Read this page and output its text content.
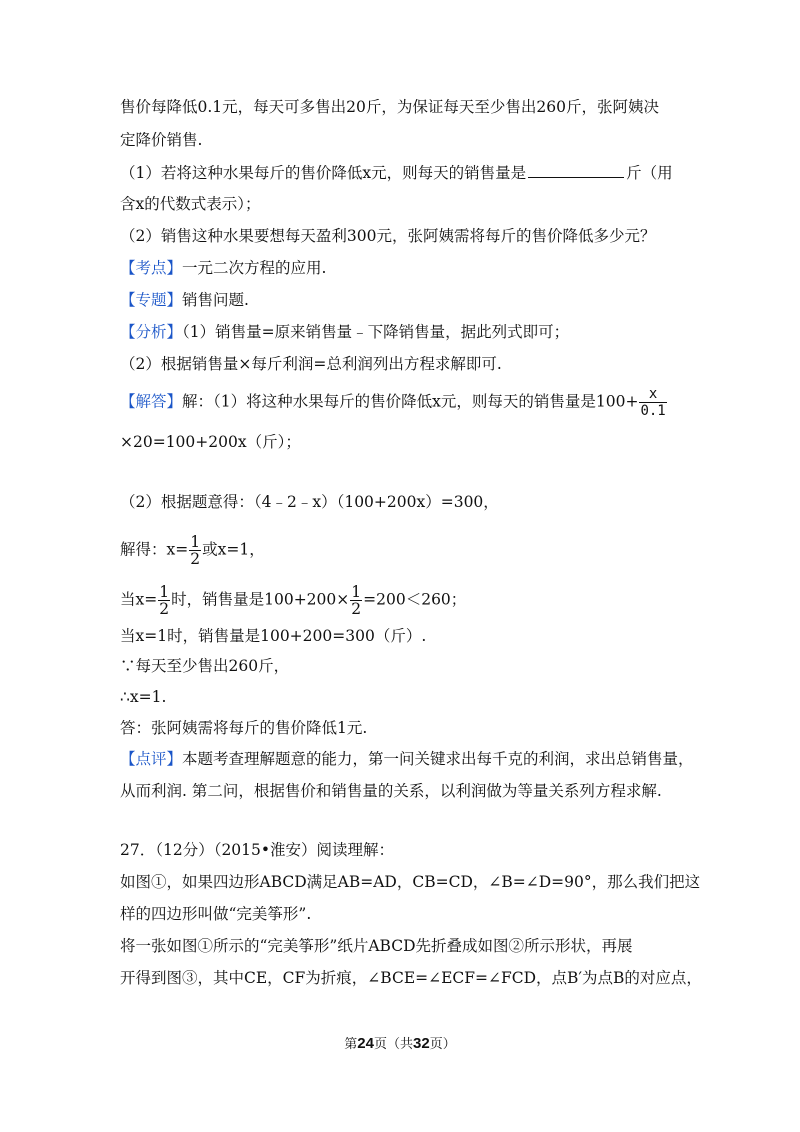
售价每降低0.1元，每天可多售出20斤，为保证每天至少售出260斤，张阿姨决
定降价销售.
（1）若将这种水果每斤的售价降低x元，则每天的销售量是	斤（用
含x的代数式表示）；
（2）销售这种水果要想每天盈利300元，张阿姨需将每斤的售价降低多少元？
【考点】一元二次方程的应用.
【专题】销售问题.
【分析】（1）销售量=原来销售量﹣下降销售量，据此列式即可；
（2）根据销售量×每斤利润=总利润列出方程求解即可.
【解答】解：（1）将这种水果每斤的售价降低x元，则每天的销售量是$100+ \frac{x}{0.1}$
×20=100+200x（斤）；
（2）根据题意得：（4﹣2﹣x）（100+200x）=300，
解得：$x= \frac{1}{2}$ 或x=1，
当$x= \frac{1}{2}$ 时，销售量是$100+200\times \frac{1}{2} =200<260$；
当x=1时，销售量是100+200=300（斤）.
∵每天至少售出260斤，
∴x=1.
答：张阿姨需将每斤的售价降低1元.
【点评】本题考查理解题意的能力，第一问关键求出每千克的利润，求出总销售量，
从而利润. 第二问，根据售价和销售量的关系，以利润做为等量关系列方程求解.
27．（12分）（2015•淮安）阅读理解：
如图①，如果四边形ABCD满足AB=AD，CB=CD，∠B=∠D=90°，那么我们把这
样的四边形叫做“完美筝形”.
将一张如图①所示的“完美筝形”纸片ABCD先折叠成如图②所示形状，再展
开得到图③，其中CE，CF为折痕，∠BCE=∠ECF=∠FCD，点B′为点B的对应点，
第24页（共32页）
